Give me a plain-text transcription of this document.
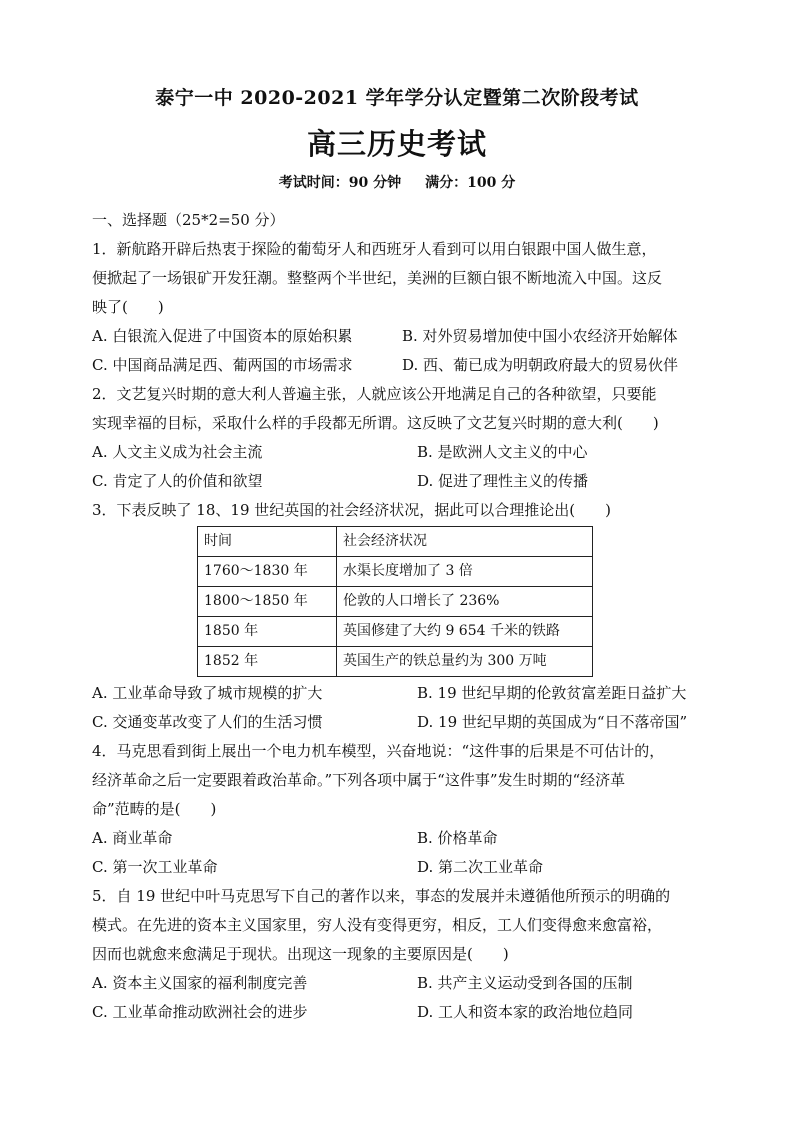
泰宁一中 2020-2021 学年学分认定暨第二次阶段考试
高三历史考试
考试时间：90 分钟 满分：100 分
一、选择题（25*2=50 分）
1．新航路开辟后热衷于探险的葡萄牙人和西班牙人看到可以用白银跟中国人做生意，
便掀起了一场银矿开发狂潮。整整两个半世纪，美洲的巨额白银不断地流入中国。这反
映了(　　)
A. 白银流入促进了中国资本的原始积累	B. 对外贸易增加使中国小农经济开始解体
C. 中国商品满足西、葡两国的市场需求	D. 西、葡已成为明朝政府最大的贸易伙伴
2．文艺复兴时期的意大利人普遍主张，人就应该公开地满足自己的各种欲望，只要能
实现幸福的目标，采取什么样的手段都无所谓。这反映了文艺复兴时期的意大利(　　)
A. 人文主义成为社会主流	B. 是欧洲人文主义的中心
C. 肯定了人的价值和欲望	D. 促进了理性主义的传播
3．下表反映了 18、19 世纪英国的社会经济状况，据此可以合理推论出(　　)
时间	社会经济状况
1760～1830 年	水渠长度增加了 3 倍
1800～1850 年	伦敦的人口增长了 236%
1850 年	英国修建了大约 9 654 千米的铁路
1852 年	英国生产的铁总量约为 300 万吨
A. 工业革命导致了城市规模的扩大	B. 19 世纪早期的伦敦贫富差距日益扩大
C. 交通变革改变了人们的生活习惯	D. 19 世纪早期的英国成为“日不落帝国”
4．马克思看到街上展出一个电力机车模型，兴奋地说：“这件事的后果是不可估计的，
经济革命之后一定要跟着政治革命。”下列各项中属于“这件事”发生时期的“经济革
命”范畴的是(　　)
A. 商业革命	B. 价格革命
C. 第一次工业革命	D. 第二次工业革命
5．自 19 世纪中叶马克思写下自己的著作以来，事态的发展并未遵循他所预示的明确的
模式。在先进的资本主义国家里，穷人没有变得更穷，相反，工人们变得愈来愈富裕，
因而也就愈来愈满足于现状。出现这一现象的主要原因是(　　)
A. 资本主义国家的福利制度完善	B. 共产主义运动受到各国的压制
C. 工业革命推动欧洲社会的进步	D. 工人和资本家的政治地位趋同
